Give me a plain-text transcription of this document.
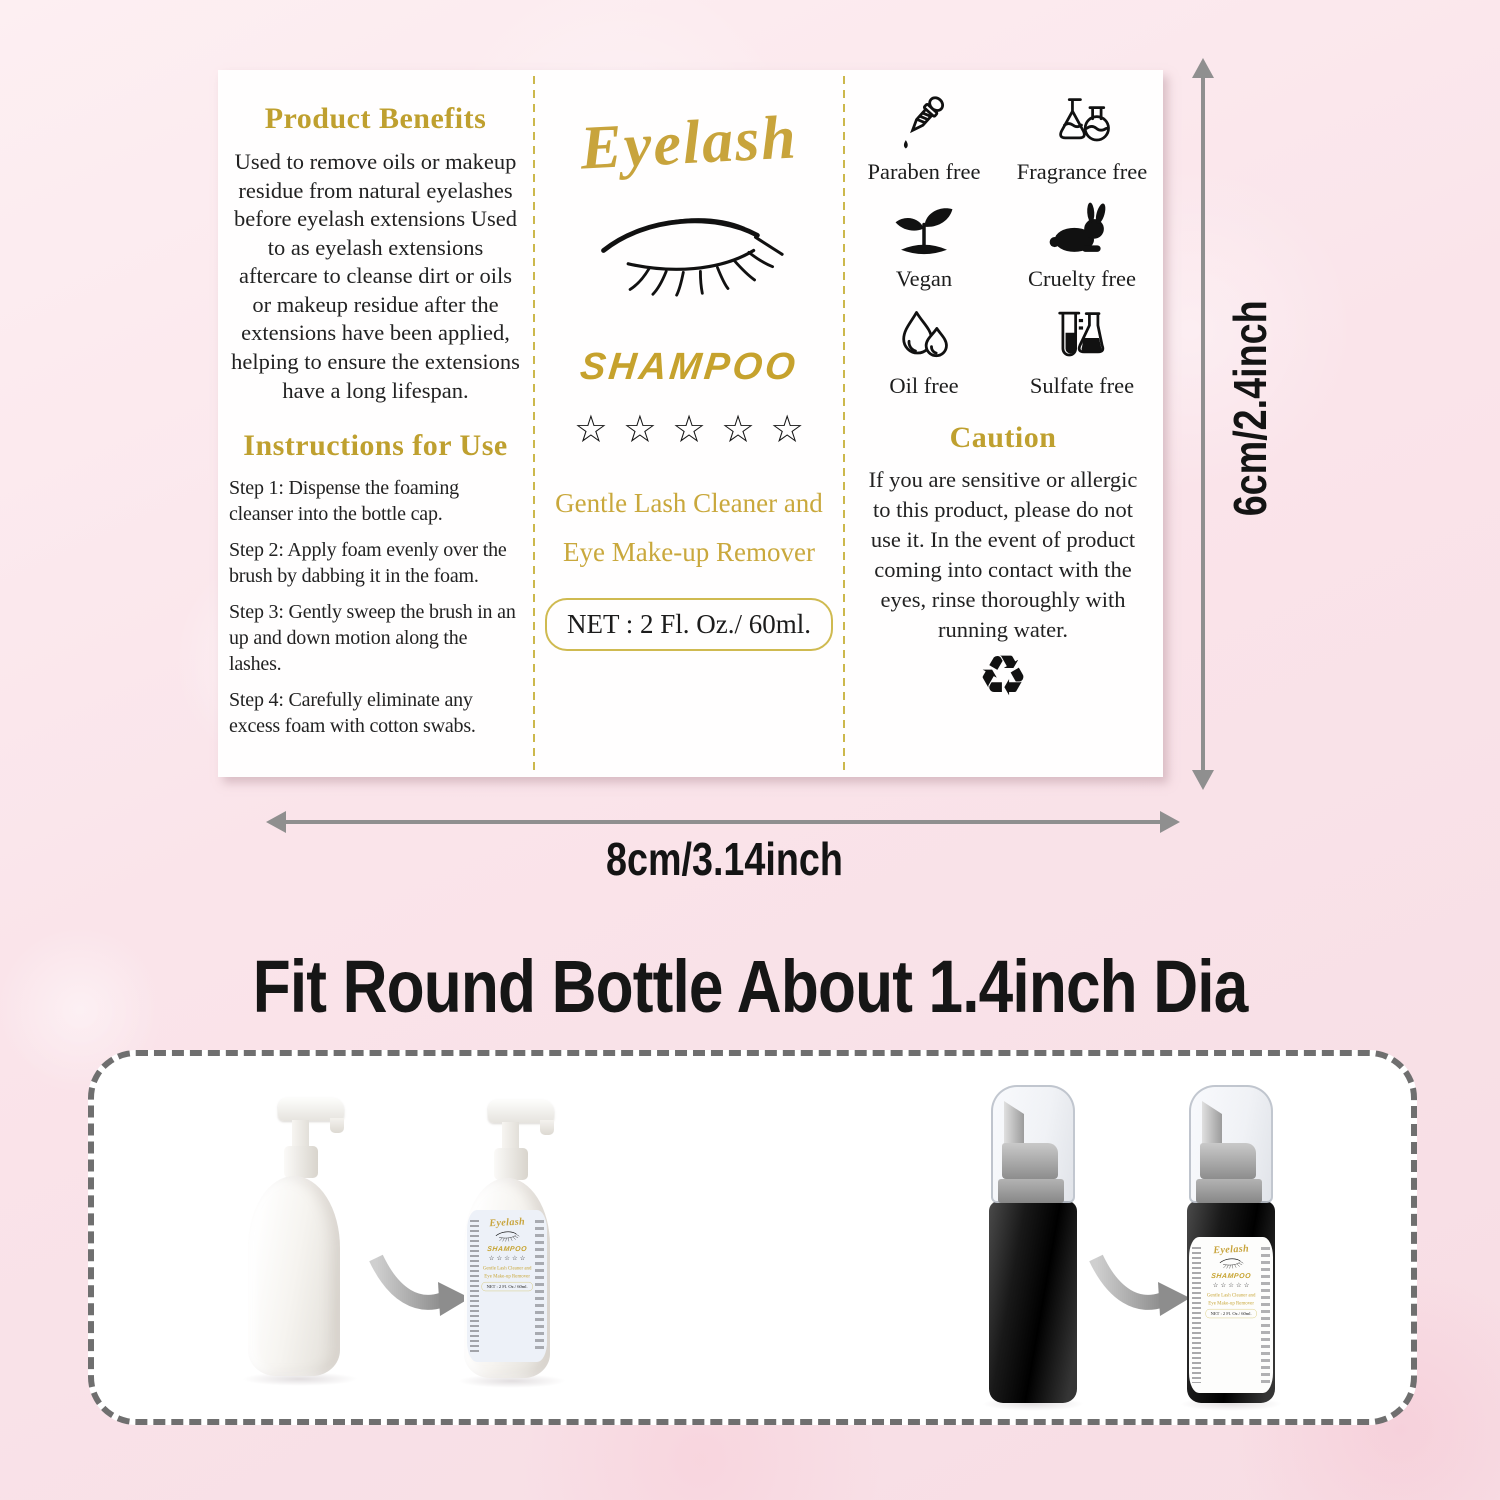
Product Benefits
Used to remove oils or makeup residue from natural eyelashes before eyelash extensions Used to as eyelash extensions aftercare to cleanse dirt or oils or makeup residue after the extensions have been applied, helping to ensure the extensions have a long lifespan.
Instructions for Use

Step 1: Dispense the foaming cleanser into the bottle cap.

Step 2: Apply foam evenly over the brush by dabbing it in the foam.

Step 3: Gently sweep the brush in an up and down motion along the lashes.

Step 4: Carefully eliminate any excess foam with cotton swabs.

Eyelash
SHAMPOO
☆☆☆☆☆
Gentle Lash Cleaner and
Eye Make-up Remover
NET : 2 Fl. Oz./ 60ml.
Paraben free Fragrance free
Vegan	Cruelty free
Oil free	Sulfate free
Caution
If you are sensitive or allergic to this product, please do not use it. In the event of product coming into contact with the eyes, rinse thoroughly with running water.
♻
6cm/2.4inch
8cm/3.14inch
Fit Round Bottle About 1.4inch Dia
Eyelash
SHAMPOO
☆☆☆☆☆
Gentle Lash Cleaner and
Eye Make-up Remover
NET : 2 Fl. Oz./ 60ml.
Eyelash
SHAMPOO
☆☆☆☆☆
Gentle Lash Cleaner and
Eye Make-up Remover
NET : 2 Fl. Oz./ 60ml.
